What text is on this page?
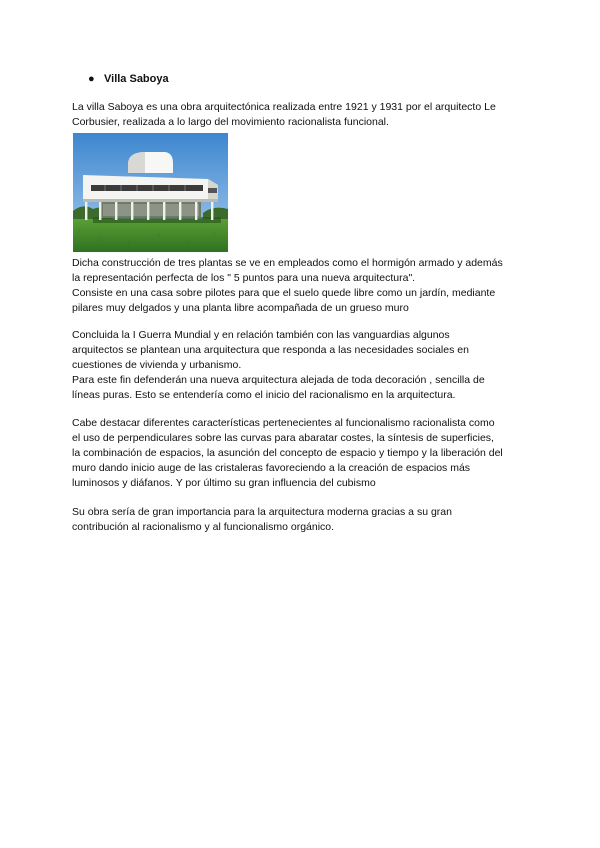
● Villa Saboya
La villa Saboya es una obra arquitectónica realizada entre 1921 y 1931 por el arquitecto Le
Corbusier, realizada a lo largo del movimiento racionalista funcional.
Dicha construcción de tres plantas se ve en empleados como el hormigón armado y además
la representación perfecta de los " 5 puntos para una nueva arquitectura".
Consiste en una casa sobre pilotes para que el suelo quede libre como un jardín, mediante
pilares muy delgados y una planta libre acompañada de un grueso muro
Concluida la I Guerra Mundial y en relación también con las vanguardias algunos
arquitectos se plantean una arquitectura que responda a las necesidades sociales en
cuestiones de vivienda y urbanismo.
Para este fin defenderán una nueva arquitectura alejada de toda decoración , sencilla de
líneas puras. Esto se entendería como el inicio del racionalismo en la arquitectura.
Cabe destacar diferentes características pertenecientes al funcionalismo racionalista como
el uso de perpendiculares sobre las curvas para abaratar costes, la síntesis de superficies,
la combinación de espacios, la asunción del concepto de espacio y tiempo y la liberación del
muro dando inicio auge de las cristaleras favoreciendo a la creación de espacios más
luminosos y diáfanos. Y por último su gran influencia del cubismo
Su obra sería de gran importancia para la arquitectura moderna gracias a su gran
contribución al racionalismo y al funcionalismo orgánico.
